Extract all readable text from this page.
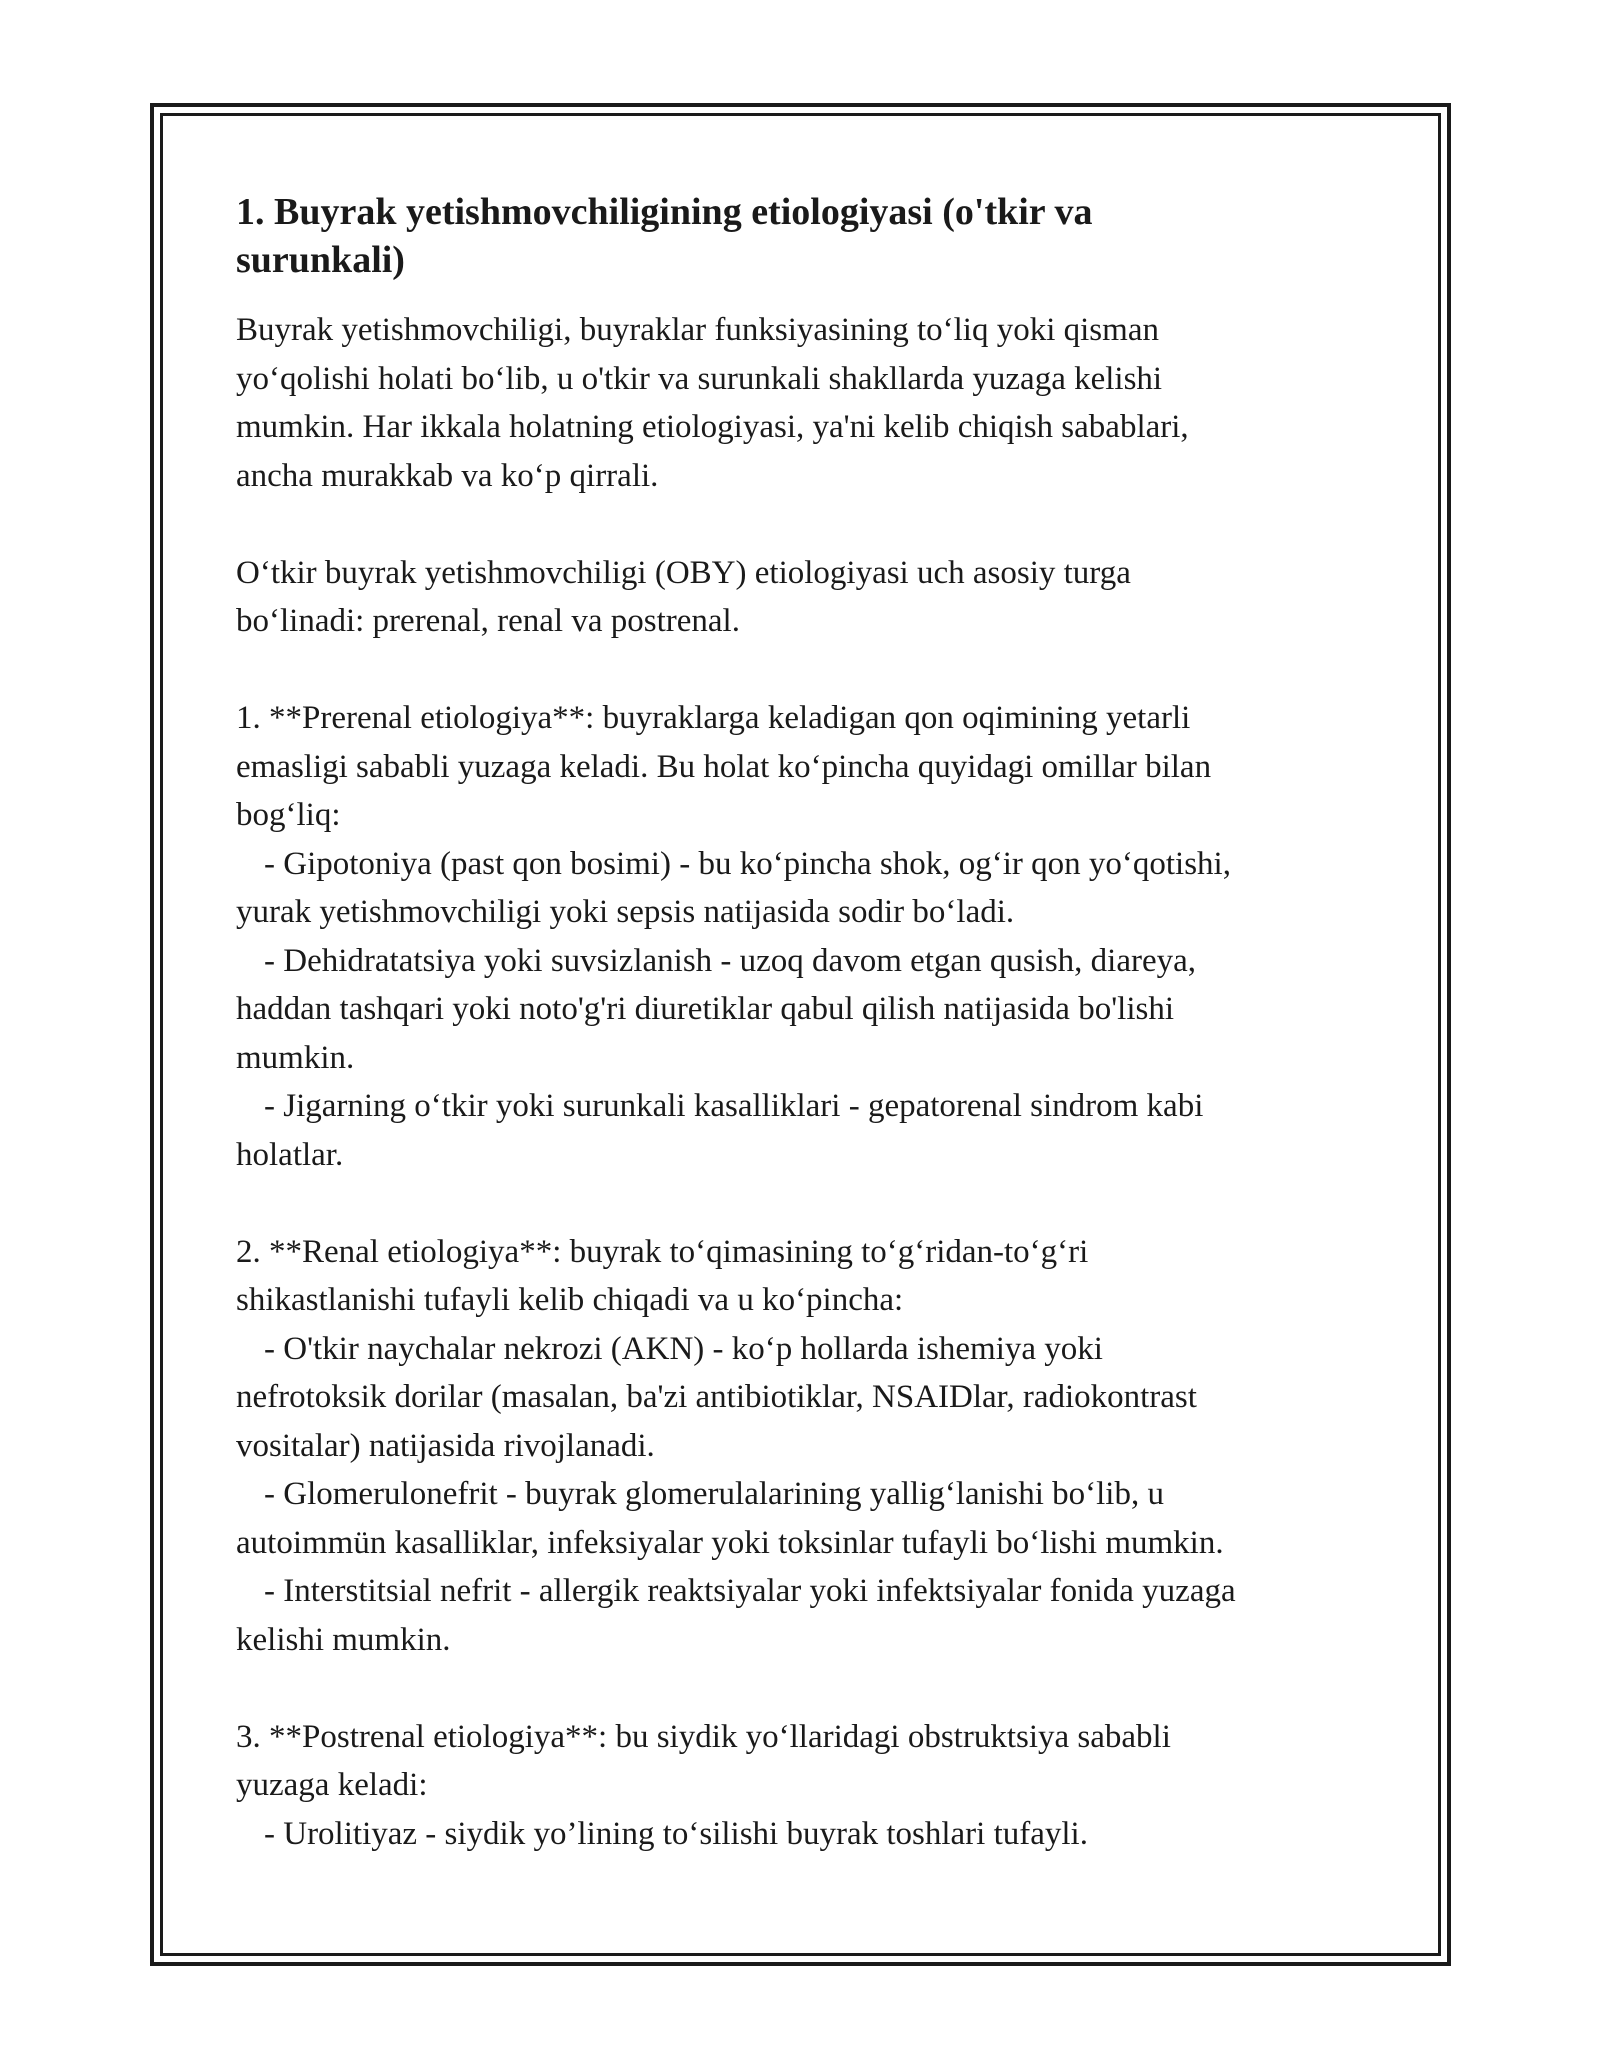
1. Buyrak yetishmovchiligining etiologiyasi (o'tkir va
surunkali)

Buyrak yetishmovchiligi, buyraklar funksiyasining to‘liq yoki qisman
yo‘qolishi holati bo‘lib, u o'tkir va surunkali shakllarda yuzaga kelishi
mumkin. Har ikkala holatning etiologiyasi, ya'ni kelib chiqish sabablari,
ancha murakkab va ko‘p qirrali.

O‘tkir buyrak yetishmovchiligi (OBY) etiologiyasi uch asosiy turga
bo‘linadi: prerenal, renal va postrenal.

1. **Prerenal etiologiya**: buyraklarga keladigan qon oqimining yetarli
emasligi sababli yuzaga keladi. Bu holat ko‘pincha quyidagi omillar bilan
bog‘liq:
- Gipotoniya (past qon bosimi) - bu ko‘pincha shok, og‘ir qon yo‘qotishi,
yurak yetishmovchiligi yoki sepsis natijasida sodir bo‘ladi.
- Dehidratatsiya yoki suvsizlanish - uzoq davom etgan qusish, diareya,
haddan tashqari yoki noto'g'ri diuretiklar qabul qilish natijasida bo'lishi
mumkin.
- Jigarning o‘tkir yoki surunkali kasalliklari - gepatorenal sindrom kabi
holatlar.

2. **Renal etiologiya**: buyrak to‘qimasining to‘g‘ridan-to‘g‘ri
shikastlanishi tufayli kelib chiqadi va u ko‘pincha:
- O'tkir naychalar nekrozi (AKN) - ko‘p hollarda ishemiya yoki
nefrotoksik dorilar (masalan, ba'zi antibiotiklar, NSAIDlar, radiokontrast
vositalar) natijasida rivojlanadi.
- Glomerulonefrit - buyrak glomerulalarining yallig‘lanishi bo‘lib, u
autoimmün kasalliklar, infeksiyalar yoki toksinlar tufayli bo‘lishi mumkin.
- Interstitsial nefrit - allergik reaktsiyalar yoki infektsiyalar fonida yuzaga
kelishi mumkin.

3. **Postrenal etiologiya**: bu siydik yo‘llaridagi obstruktsiya sababli
yuzaga keladi:
- Urolitiyaz - siydik yo’lining to‘silishi buyrak toshlari tufayli.
